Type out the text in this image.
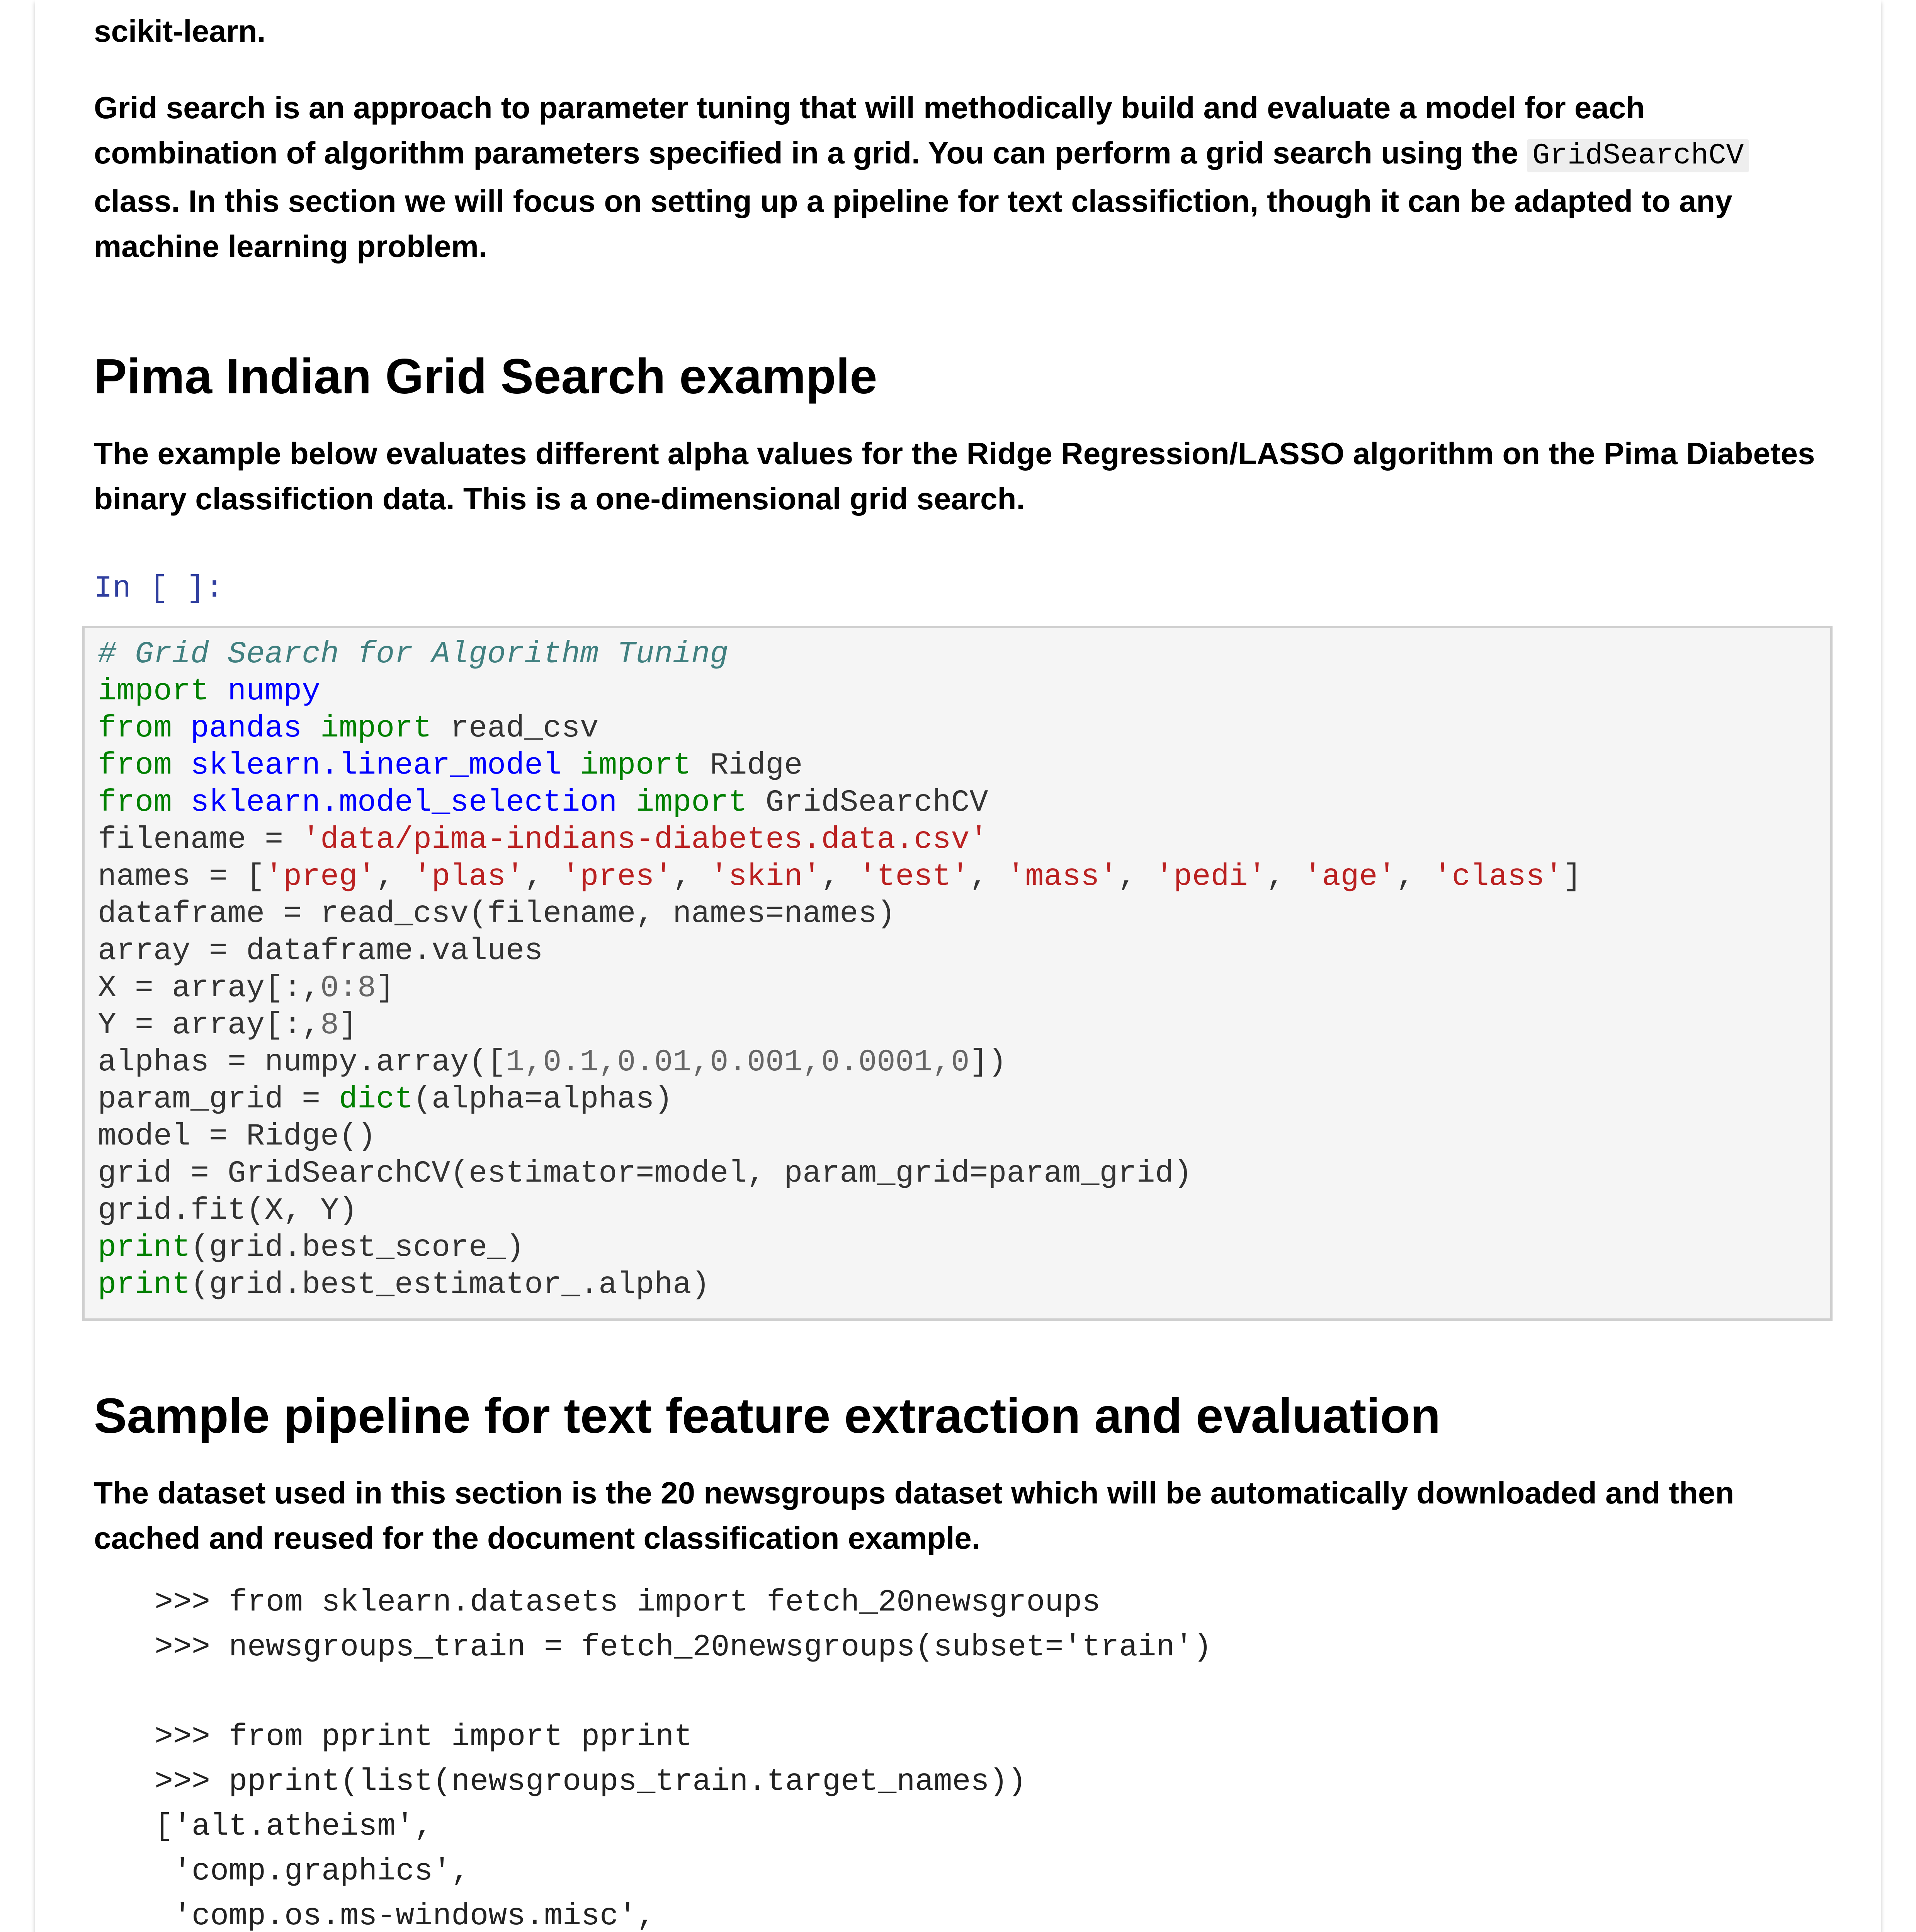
scikit-learn.
Grid search is an approach to parameter tuning that will methodically build and evaluate a model for each combination of algorithm parameters specified in a grid. You can perform a grid search using the GridSearchCV class. In this section we will focus on setting up a pipeline for text classifiction, though it can be adapted to any machine learning problem.
Pima Indian Grid Search example
The example below evaluates different alpha values for the Ridge Regression/LASSO algorithm on the Pima Diabetes binary classifiction data. This is a one-dimensional grid search.
In [ ]:
# Grid Search for Algorithm Tuning
import numpy
from pandas import read_csv
from sklearn.linear_model import Ridge
from sklearn.model_selection import GridSearchCV
filename = 'data/pima-indians-diabetes.data.csv'
names = ['preg', 'plas', 'pres', 'skin', 'test', 'mass', 'pedi', 'age', 'class']
dataframe = read_csv(filename, names=names)
array = dataframe.values
X = array[:,0:8]
Y = array[:,8]
alphas = numpy.array([1,0.1,0.01,0.001,0.0001,0])
param_grid = dict(alpha=alphas)
model = Ridge()
grid = GridSearchCV(estimator=model, param_grid=param_grid)
grid.fit(X, Y)
print(grid.best_score_)
print(grid.best_estimator_.alpha)
Sample pipeline for text feature extraction and evaluation
The dataset used in this section is the 20 newsgroups dataset which will be automatically downloaded and then cached and reused for the document classification example.
>>> from sklearn.datasets import fetch_20newsgroups
>>> newsgroups_train = fetch_20newsgroups(subset='train')

>>> from pprint import pprint
>>> pprint(list(newsgroups_train.target_names))
['alt.atheism',
'comp.graphics',
'comp.os.ms-windows.misc',
